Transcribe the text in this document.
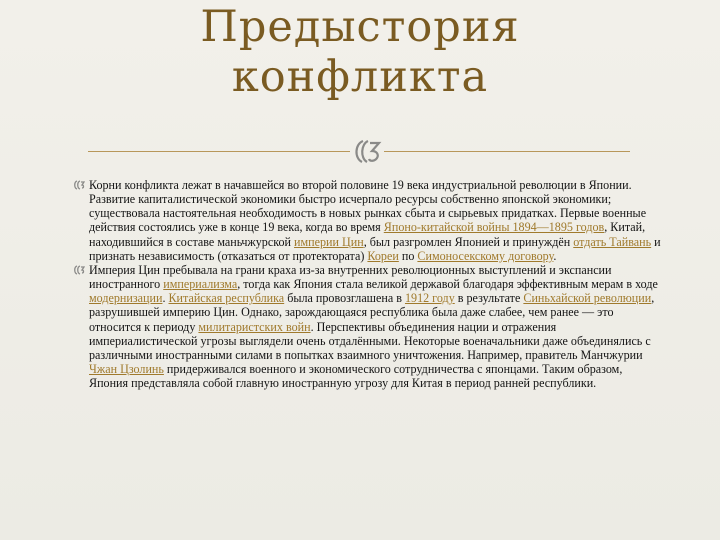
Предыстория
конфликта
Корни конфликта лежат в начавшейся во второй половине 19 века индустриальной революции в Японии. Развитие капиталистической экономики быстро исчерпало ресурсы собственно японской экономики; существовала настоятельная необходимость в новых рынках сбыта и сырьевых придатках. Первые военные действия состоялись уже в конце 19 века, когда во время Японо-китайской войны 1894—1895 годов, Китай, находившийся в составе маньчжурской империи Цин, был разгромлен Японией и принуждён отдать Тайвань и признать независимость (отказаться от протектората) Кореи по Симоносекскому договору.
Империя Цин пребывала на грани краха из-за внутренних революционных выступлений и экспансии иностранного империализма, тогда как Япония стала великой державой благодаря эффективным мерам в ходе модернизации. Китайская республика была провозглашена в 1912 году в результате Синьхайской революции, разрушившей империю Цин. Однако, зарождающаяся республика была даже слабее, чем ранее — это относится к периоду милитаристских войн. Перспективы объединения нации и отражения империалистической угрозы выглядели очень отдалёнными. Некоторые военачальники даже объединялись с различными иностранными силами в попытках взаимного уничтожения. Например, правитель Манчжурии Чжан Цзолинь придерживался военного и экономического сотрудничества с японцами. Таким образом, Япония представляла собой главную иностранную угрозу для Китая в период ранней республики.
